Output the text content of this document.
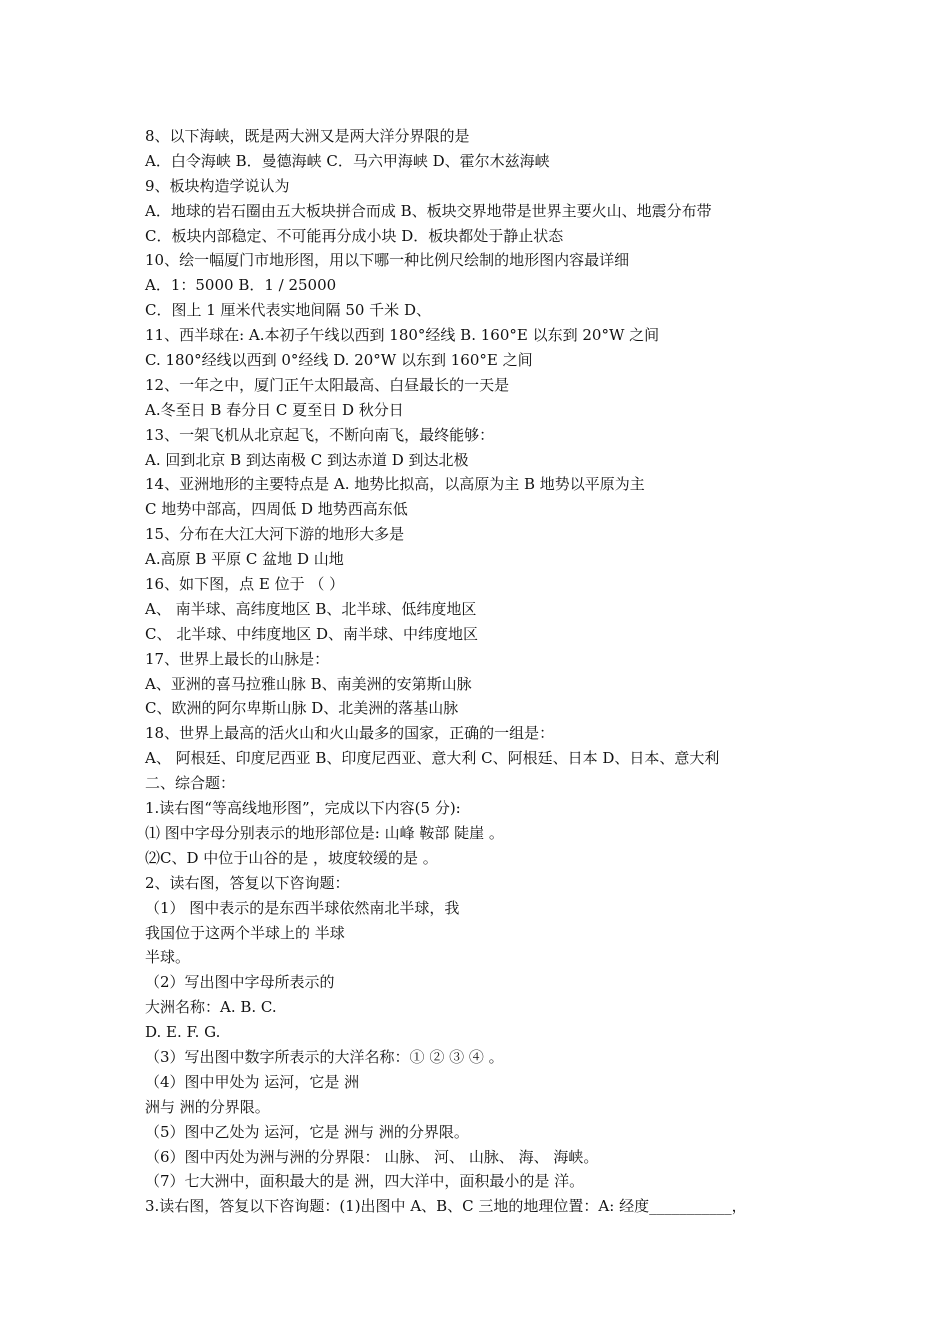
8、以下海峡，既是两大洲又是两大洋分界限的是
A．白令海峡 B．曼德海峡 C．马六甲海峡 D、霍尔木兹海峡
9、板块构造学说认为
A．地球的岩石圈由五大板块拼合而成 B、板块交界地带是世界主要火山、地震分布带
C．板块内部稳定、不可能再分成小块 D．板块都处于静止状态
10、绘一幅厦门市地形图，用以下哪一种比例尺绘制的地形图内容最详细
A．1：5000 B．1 / 25000
C．图上 1 厘米代表实地间隔 50 千米 D、
11、西半球在: A.本初子午线以西到 180°经线 B. 160°E 以东到 20°W 之间
C. 180°经线以西到 0°经线 D. 20°W 以东到 160°E 之间
12、一年之中，厦门正午太阳最高、白昼最长的一天是
A.冬至日 B 春分日 C 夏至日 D 秋分日
13、一架飞机从北京起飞，不断向南飞，最终能够：
A. 回到北京 B 到达南极 C 到达赤道 D 到达北极
14、亚洲地形的主要特点是 A. 地势比拟高，以高原为主 B 地势以平原为主
C 地势中部高，四周低 D 地势西高东低
15、分布在大江大河下游的地形大多是
A.高原 B 平原 C 盆地 D 山地
16、如下图，点 E 位于 （ ）
A、 南半球、高纬度地区 B、北半球、低纬度地区
C、 北半球、中纬度地区 D、南半球、中纬度地区
17、世界上最长的山脉是：
A、亚洲的喜马拉雅山脉 B、南美洲的安第斯山脉
C、欧洲的阿尔卑斯山脉 D、北美洲的落基山脉
18、世界上最高的活火山和火山最多的国家，正确的一组是：
A、 阿根廷、印度尼西亚 B、印度尼西亚、意大利 C、阿根廷、日本 D、日本、意大利
二、综合题：
1.读右图“等高线地形图”，完成以下内容(5 分):
⑴ 图中字母分别表示的地形部位是: 山峰 鞍部 陡崖 。
⑵C、D 中位于山谷的是 ，坡度较缓的是 。
2、读右图，答复以下咨询题：
（1） 图中表示的是东西半球依然南北半球，我
我国位于这两个半球上的 半球
半球。
（2）写出图中字母所表示的
大洲名称：A. B. C.
D. E. F. G.
（3）写出图中数字所表示的大洋名称：① ② ③ ④ 。
（4）图中甲处为 运河，它是 洲
洲与 洲的分界限。
（5）图中乙处为 运河，它是 洲与 洲的分界限。
（6）图中丙处为洲与洲的分界限： 山脉、 河、 山脉、 海、 海峡。
（7）七大洲中，面积最大的是 洲，四大洋中，面积最小的是 洋。
3.读右图，答复以下咨询题：(1)出图中 A、B、C 三地的地理位置：A: 经度___________，
